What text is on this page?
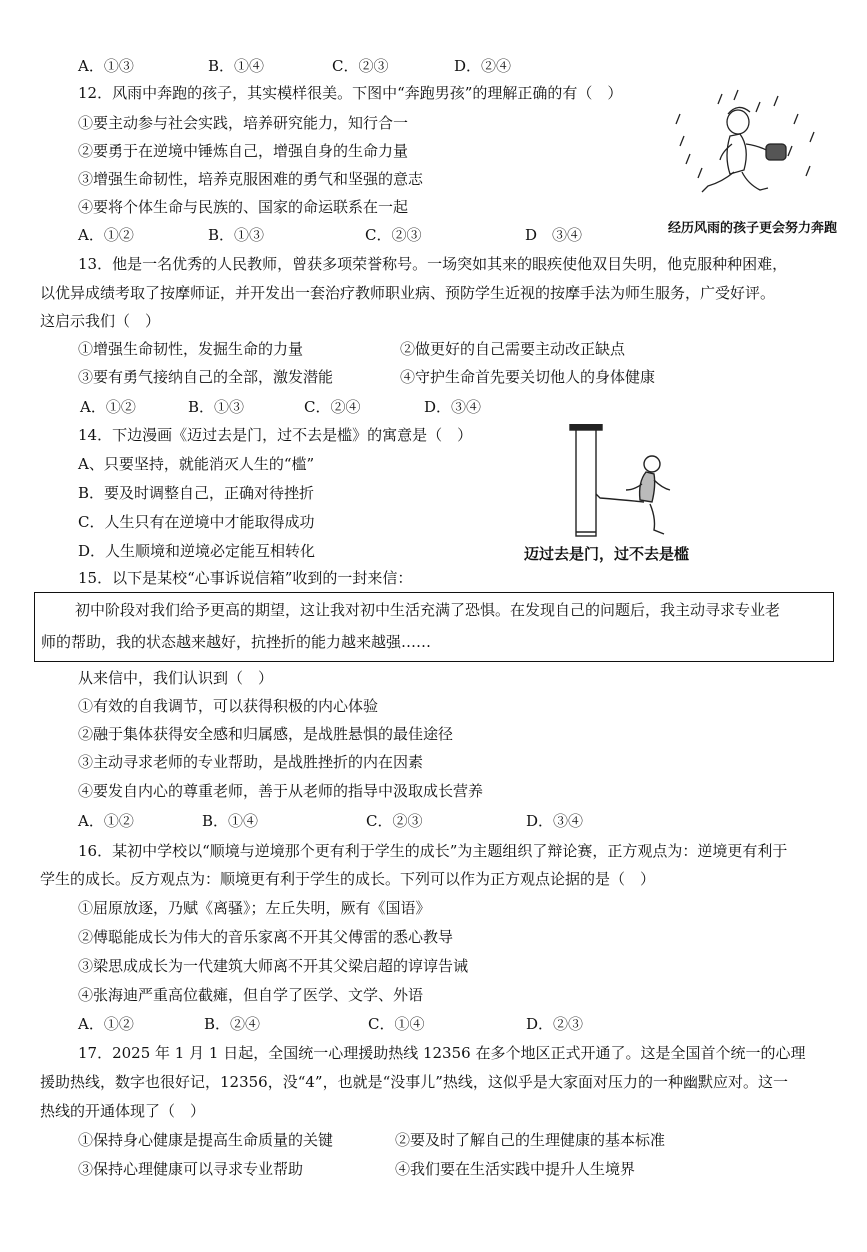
A．①③	B．①④	C．②③	D．②④
12．风雨中奔跑的孩子，其实模样很美。下图中“奔跑男孩”的理解正确的有（　）
①要主动参与社会实践，培养研究能力，知行合一
②要勇于在逆境中锤炼自己，增强自身的生命力量
③增强生命韧性，培养克服困难的勇气和坚强的意志
④要将个体生命与民族的、国家的命运联系在一起
A．①②	B．①③	C．②③	D　③④	经历风雨的孩子更会努力奔跑
13．他是一名优秀的人民教师，曾获多项荣誉称号。一场突如其来的眼疾使他双目失明，他克服种种困难，
以优异成绩考取了按摩师证，并开发出一套治疗教师职业病、预防学生近视的按摩手法为师生服务，广受好评。
这启示我们（　）
①增强生命韧性，发掘生命的力量	②做更好的自己需要主动改正缺点
③要有勇气接纳自己的全部，激发潜能	④守护生命首先要关切他人的身体健康
A．①②	B．①③	C．②④	D．③④
14．下边漫画《迈过去是门，过不去是槛》的寓意是（　）
A、只要坚持，就能消灭人生的“槛”
B．要及时调整自己，正确对待挫折
C．人生只有在逆境中才能取得成功
D．人生顺境和逆境必定能互相转化	迈过去是门，过不去是槛
15．以下是某校“心事诉说信箱”收到的一封来信：
初中阶段对我们给予更高的期望，这让我对初中生活充满了恐惧。在发现自己的问题后，我主动寻求专业老
师的帮助，我的状态越来越好，抗挫折的能力越来越强……
从来信中，我们认识到（　）
①有效的自我调节，可以获得积极的内心体验
②融于集体获得安全感和归属感，是战胜悬惧的最佳途径
③主动寻求老师的专业帮助，是战胜挫折的内在因素
④要发自内心的尊重老师，善于从老师的指导中汲取成长营养
A．①②	B．①④	C．②③	D．③④
16．某初中学校以“顺境与逆境那个更有利于学生的成长”为主题组织了辩论赛，正方观点为：逆境更有利于
学生的成长。反方观点为：顺境更有利于学生的成长。下列可以作为正方观点论据的是（　）
①屈原放逐，乃赋《离骚》；左丘失明，厥有《国语》
②傅聪能成长为伟大的音乐家离不开其父傅雷的悉心教导
③梁思成成长为一代建筑大师离不开其父梁启超的谆谆告诫
④张海迪严重高位截瘫，但自学了医学、文学、外语
A．①②	B．②④	C．①④	D．②③
17．2025 年 1 月 1 日起，全国统一心理援助热线 12356 在多个地区正式开通了。这是全国首个统一的心理
援助热线，数字也很好记，12356，没“4”，也就是“没事儿”热线，这似乎是大家面对压力的一种幽默应对。这一
热线的开通体现了（　）
①保持身心健康是提高生命质量的关键	②要及时了解自己的生理健康的基本标准
③保持心理健康可以寻求专业帮助	④我们要在生活实践中提升人生境界
